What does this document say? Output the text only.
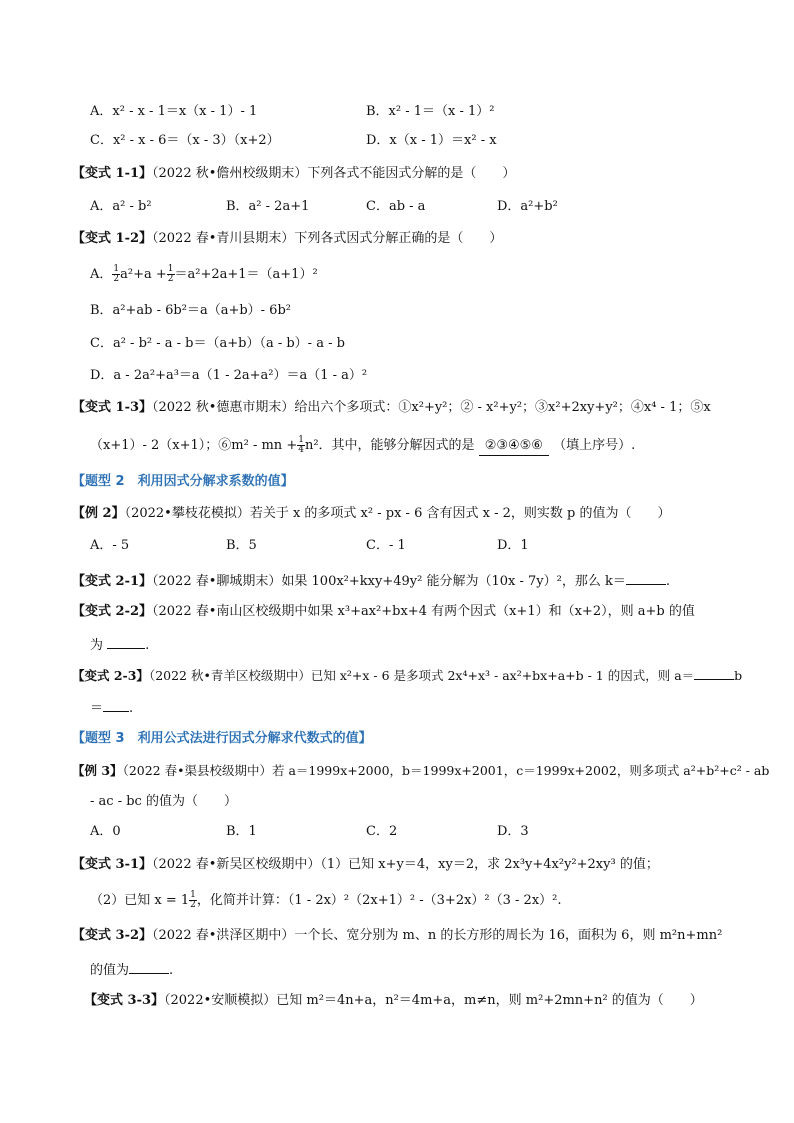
A．x² - x - 1＝x（x - 1）- 1	B．x² - 1＝（x - 1）²
C．x² - x - 6＝（x - 3）（x+2）	D．x（x - 1）＝x² - x
【变式 1-1】（2022 秋•儋州校级期末）下列各式不能因式分解的是（　　）
A．a² - b²	B．a² - 2a+1	C．ab - a	D．a²+b²
【变式 1-2】（2022 春•青川县期末）下列各式因式分解正确的是（　　）
A． $\frac{1}{2} a^2+a + \frac{1}{2} =a^2+2a+1=(a+1)^2$
B．a²+ab - 6b²＝a（a+b）- 6b²
C．a² - b² - a - b＝（a+b）（a - b）- a - b
D．a - 2a²+a³＝a（1 - 2a+a²）＝a（1 - a）²
【变式 1-3】（2022 秋•德惠市期末）给出六个多项式：①x²+y²；② - x²+y²；③x²+2xy+y²；④x⁴ - 1；⑤x
（x+1）- 2（x+1）；⑥m² - mn + $\frac{1}{4} n^2$．其中，能够分解因式的是 ②③④⑤⑥ （填上序号）.
【题型 2　利用因式分解求系数的值】
【例 2】（2022•攀枝花模拟）若关于 x 的多项式 x² - px - 6 含有因式 x - 2，则实数 p 的值为（　　）
A．- 5	B．5	C．- 1	D．1
【变式 2-1】（2022 春•聊城期末）如果 100x²+kxy+49y² 能分解为（10x - 7y）²，那么 k＝	.
【变式 2-2】（2022 春•南山区校级期中如果 x³+ax²+bx+4 有两个因式（x+1）和（x+2），则 a+b 的值
为	.
【变式 2-3】（2022 秋•青羊区校级期中）已知 x²+x - 6 是多项式 2x⁴+x³ - ax²+bx+a+b - 1 的因式，则 a＝	b
＝ .
【题型 3　利用公式法进行因式分解求代数式的值】
【例 3】（2022 春•渠县校级期中）若 a＝1999x+2000，b＝1999x+2001，c＝1999x+2002，则多项式 a²+b²+c² - ab
- ac - bc 的值为（　　）
A．0	B．1	C．2	D．3
【变式 3-1】（2022 春•新吴区校级期中）（1）已知 x+y＝4，xy＝2，求 2x³y+4x²y²+2xy³ 的值；
（2）已知 $x = 1 \frac{1}{2}$ ，化简并计算：（1 - 2x）²（2x+1）² -（3+2x）²（3 - 2x）².
【变式 3-2】（2022 春•洪泽区期中）一个长、宽分别为 m、n 的长方形的周长为 16，面积为 6，则 m²n+mn²
的值为	.
【变式 3-3】（2022•安顺模拟）已知 m²＝4n+a，n²＝4m+a，m≠n，则 m²+2mn+n² 的值为（　　）
